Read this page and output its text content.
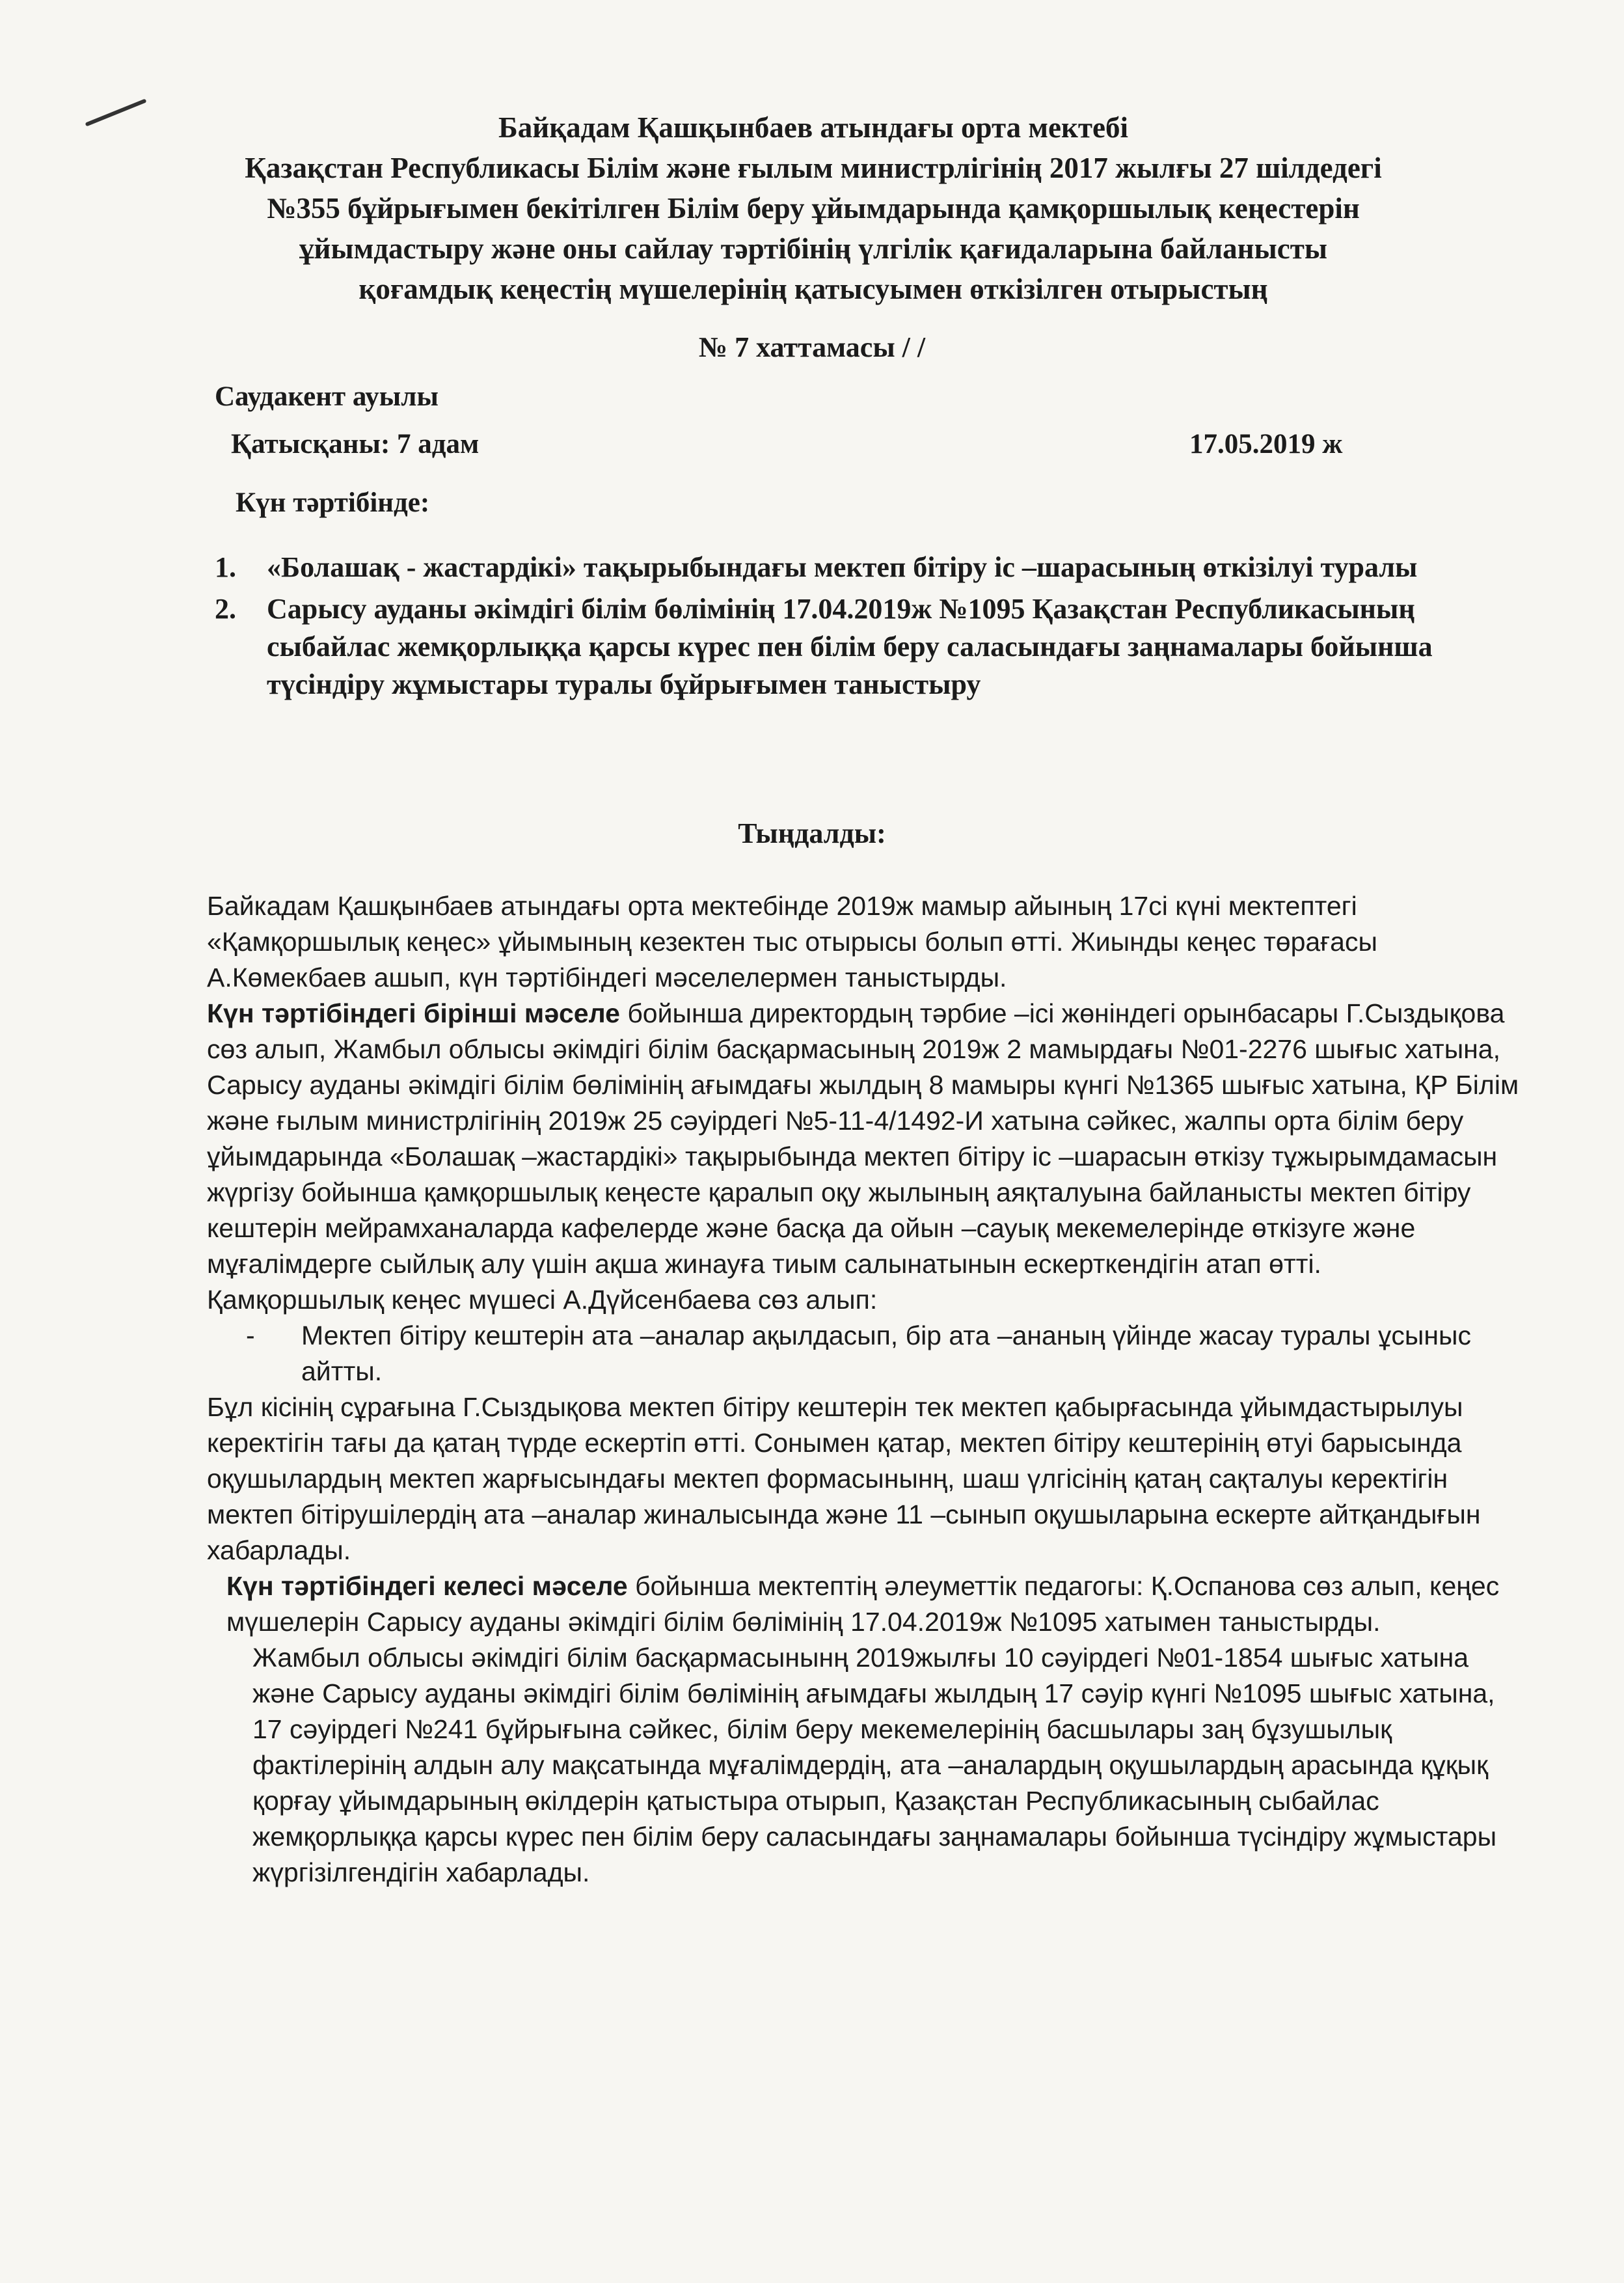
Байқадам Қашқынбаев атындағы орта мектебі
Қазақстан Республикасы Білім және ғылым министрлігінің 2017 жылғы 27 шілдедегі
№355 бұйрығымен бекітілген Білім беру ұйымдарында қамқоршылық кеңестерін
ұйымдастыру және оны сайлау тәртібінің үлгілік қағидаларына байланысты
қоғамдық кеңестің мүшелерінің қатысуымен өткізілген отырыстың
№ 7 хаттамасы / /
Саудакент ауылы
Қатысқаны: 7 адам	17.05.2019 ж
Күн тәртібінде:
1.	«Болашақ - жастардікі» тақырыбындағы мектеп бітіру іс –шарасының өткізілуі туралы
2.	Сарысу ауданы әкімдігі білім бөлімінің 17.04.2019ж №1095 Қазақстан Республикасының сыбайлас жемқорлыққа қарсы күрес пен білім беру саласындағы заңнамалары бойынша түсіндіру жұмыстары туралы бұйрығымен таныстыру
Тыңдалды:

Байкадам Қашқынбаев атындағы орта мектебінде 2019ж мамыр айының 17сі күні мектептегі «Қамқоршылық кеңес» ұйымының кезектен тыс отырысы болып өтті. Жиынды кеңес төрағасы А.Көмекбаев ашып, күн тәртібіндегі мәселелермен таныстырды.

Күн тәртібіндегі бірінші мәселе бойынша директордың тәрбие –ісі жөніндегі орынбасары Г.Сыздықова сөз алып, Жамбыл облысы әкімдігі білім басқармасының 2019ж 2 мамырдағы №01-2276 шығыс хатына, Сарысу ауданы әкімдігі білім бөлімінің ағымдағы жылдың 8 мамыры күнгі №1365 шығыс хатына, ҚР Білім және ғылым министрлігінің 2019ж 25 сәуірдегі №5-11-4/1492-И хатына сәйкес, жалпы орта білім беру ұйымдарында «Болашақ –жастардікі» тақырыбында мектеп бітіру іс –шарасын өткізу тұжырымдамасын жүргізу бойынша қамқоршылық кеңесте қаралып оқу жылының аяқталуына байланысты мектеп бітіру кештерін мейрамханаларда кафелерде және басқа да ойын –сауық мекемелерінде өткізуге және мұғалімдерге сыйлық алу үшін ақша жинауға тиым салынатынын ескерткендігін атап өтті.

Қамқоршылық кеңес мүшесі А.Дүйсенбаева сөз алып:

-	Мектеп бітіру кештерін ата –аналар ақылдасып, бір ата –ананың үйінде жасау туралы ұсыныс айтты.

Бұл кісінің сұрағына Г.Сыздықова мектеп бітіру кештерін тек мектеп қабырғасында ұйымдастырылуы керектігін тағы да қатаң түрде ескертіп өтті. Сонымен қатар, мектеп бітіру кештерінің өтуі барысында оқушылардың мектеп жарғысындағы мектеп формасынынң, шаш үлгісінің қатаң сақталуы керектігін мектеп бітірушілердің ата –аналар жиналысында және 11 –сынып оқушыларына ескерте айтқандығын хабарлады.

Күн тәртібіндегі келесі мәселе бойынша мектептің әлеуметтік педагогы: Қ.Оспанова сөз алып, кеңес мүшелерін Сарысу ауданы әкімдігі білім бөлімінің 17.04.2019ж №1095 хатымен таныстырды.

Жамбыл облысы әкімдігі білім басқармасынынң 2019жылғы 10 сәуірдегі №01-1854 шығыс хатына және Сарысу ауданы әкімдігі білім бөлімінің ағымдағы жылдың 17 сәуір күнгі №1095 шығыс хатына, 17 сәуірдегі №241 бұйрығына сәйкес, білім беру мекемелерінің басшылары заң бұзушылық фактілерінің алдын алу мақсатында мұғалімдердің, ата –аналардың оқушылардың арасында құқық қорғау ұйымдарының өкілдерін қатыстыра отырып, Қазақстан Республикасының сыбайлас жемқорлыққа қарсы күрес пен білім беру саласындағы заңнамалары бойынша түсіндіру жұмыстары жүргізілгендігін хабарлады.
